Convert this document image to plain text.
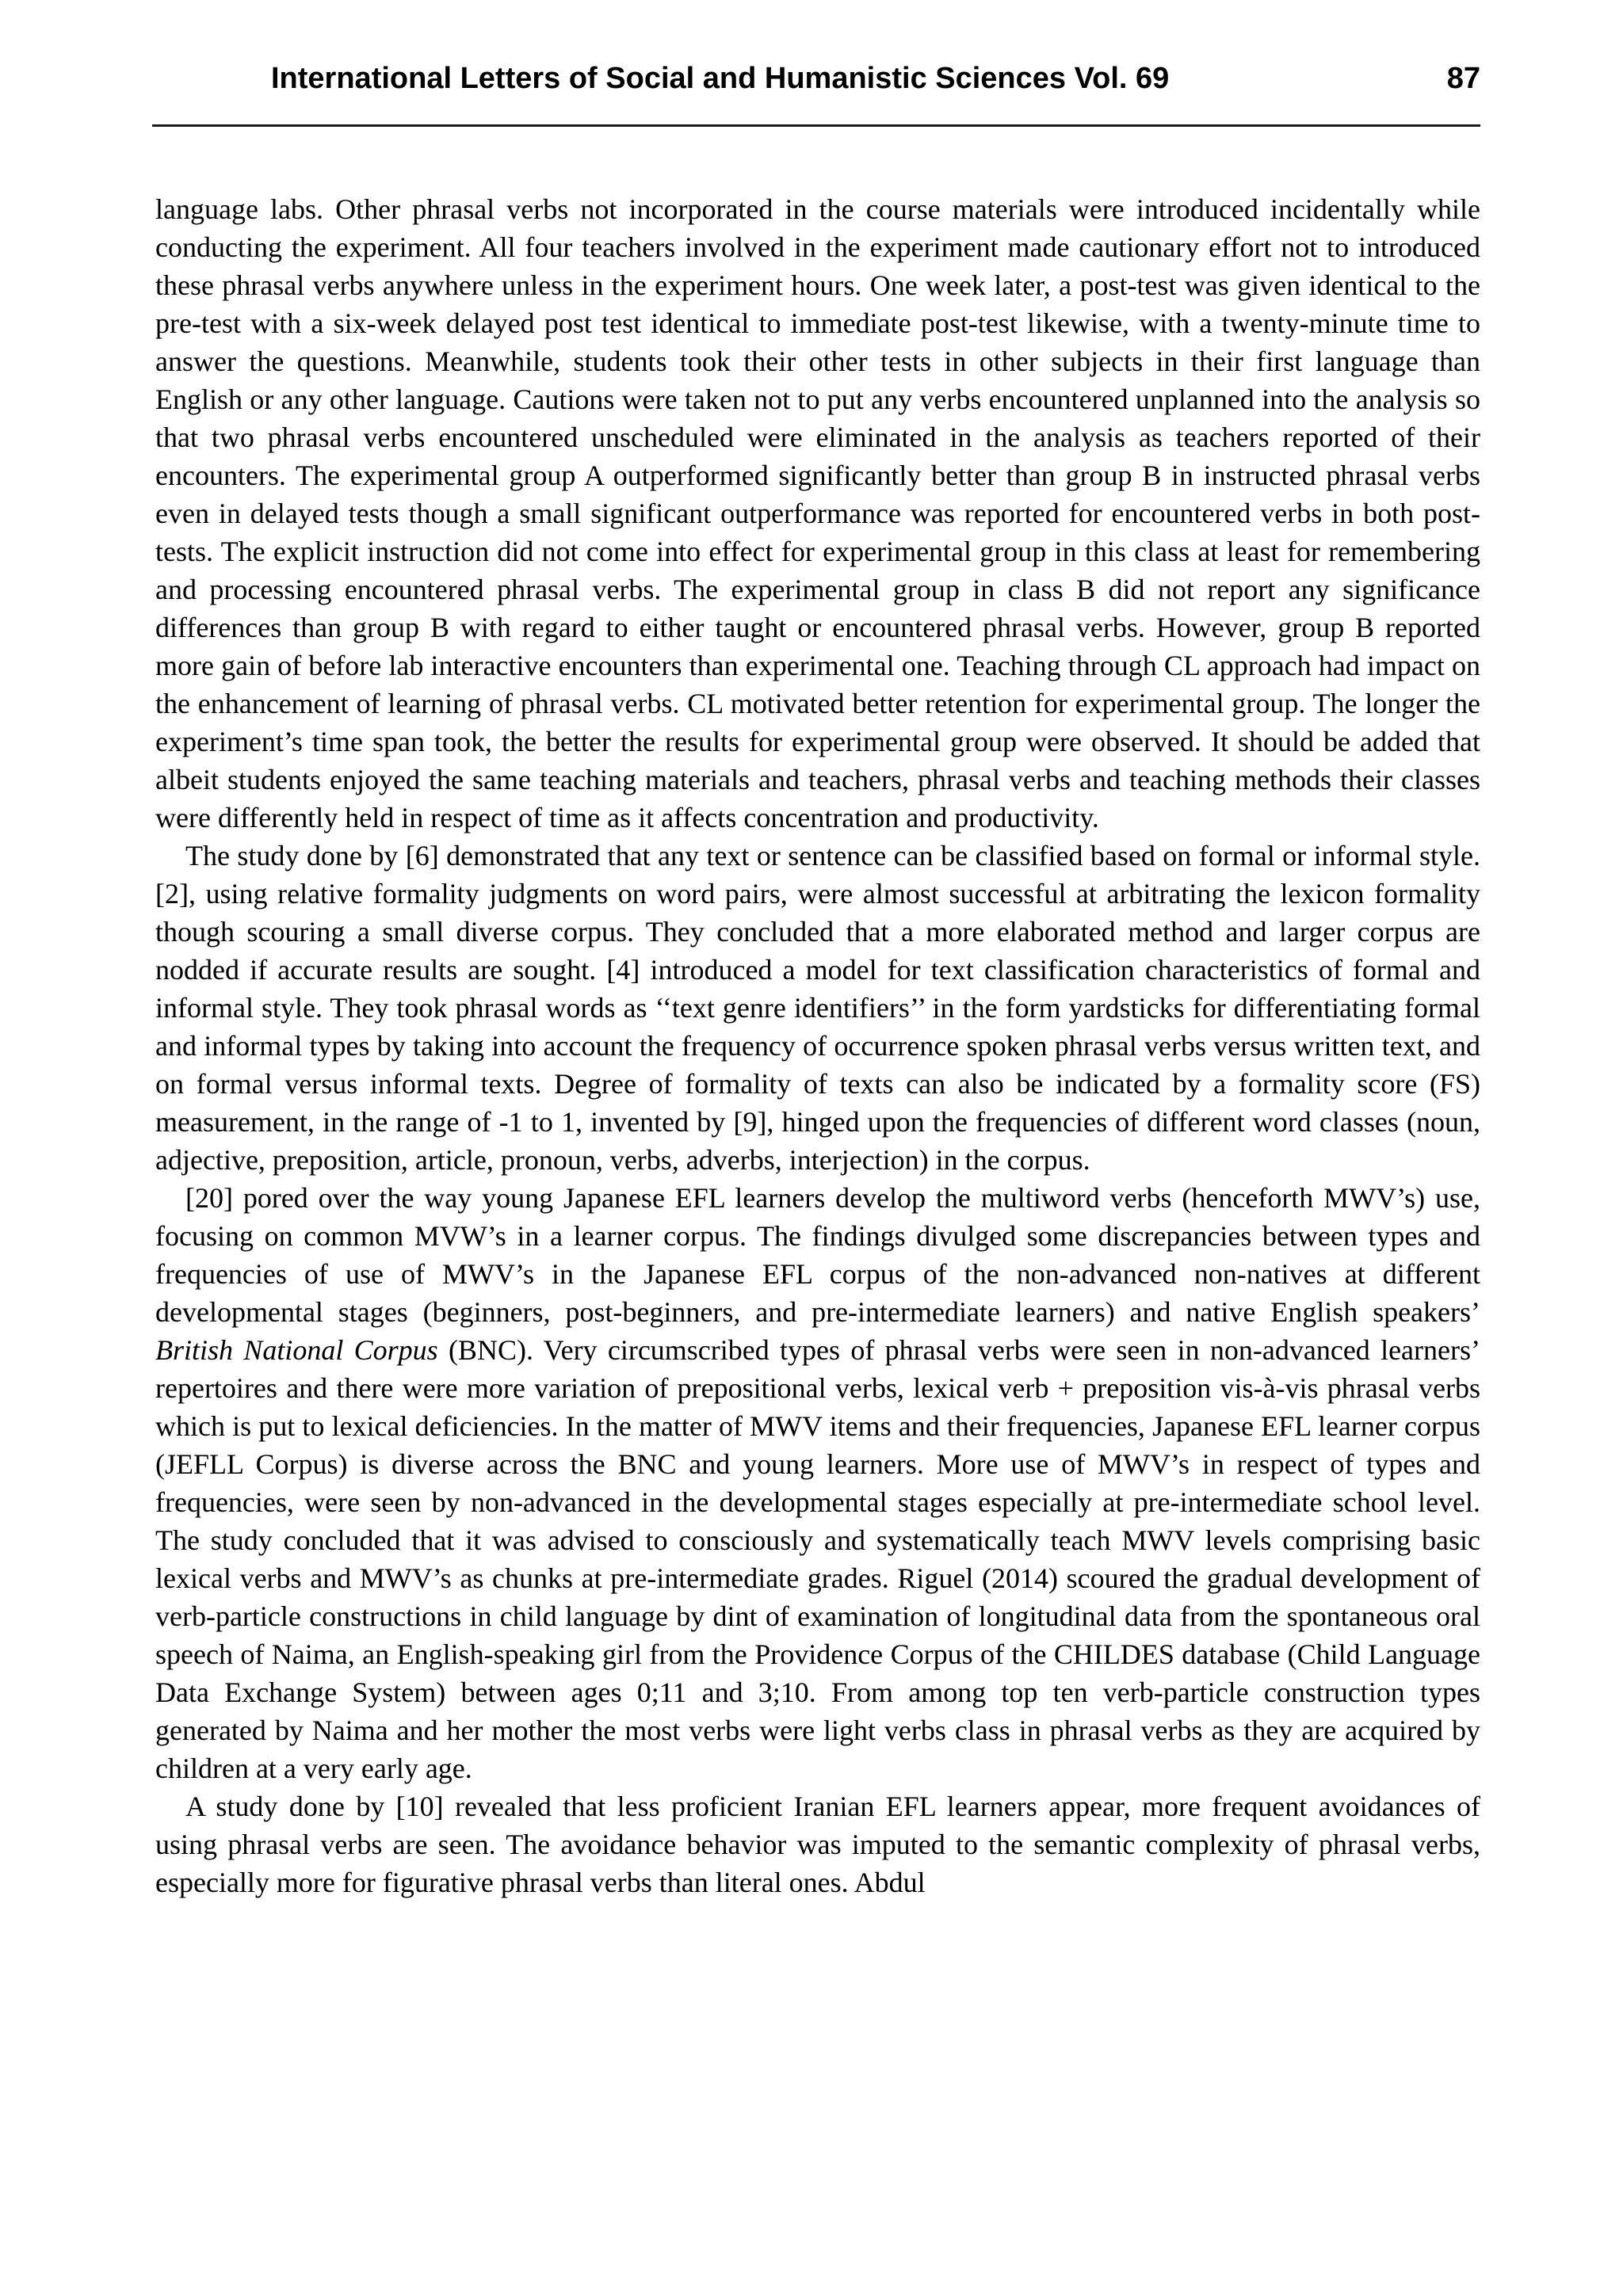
International Letters of Social and Humanistic Sciences Vol. 69	87

language labs. Other phrasal verbs not incorporated in the course materials were introduced incidentally while conducting the experiment. All four teachers involved in the experiment made cautionary effort not to introduced these phrasal verbs anywhere unless in the experiment hours. One week later, a post-test was given identical to the pre-test with a six-week delayed post test identical to immediate post-test likewise, with a twenty-minute time to answer the questions. Meanwhile, students took their other tests in other subjects in their first language than English or any other language. Cautions were taken not to put any verbs encountered unplanned into the analysis so that two phrasal verbs encountered unscheduled were eliminated in the analysis as teachers reported of their encounters. The experimental group A outperformed significantly better than group B in instructed phrasal verbs even in delayed tests though a small significant outperformance was reported for encountered verbs in both post-tests. The explicit instruction did not come into effect for experimental group in this class at least for remembering and processing encountered phrasal verbs. The experimental group in class B did not report any significance differences than group B with regard to either taught or encountered phrasal verbs. However, group B reported more gain of before lab interactive encounters than experimental one. Teaching through CL approach had impact on the enhancement of learning of phrasal verbs. CL motivated better retention for experimental group. The longer the experiment’s time span took, the better the results for experimental group were observed. It should be added that albeit students enjoyed the same teaching materials and teachers, phrasal verbs and teaching methods their classes were differently held in respect of time as it affects concentration and productivity.

The study done by [6] demonstrated that any text or sentence can be classified based on formal or informal style. [2], using relative formality judgments on word pairs, were almost successful at arbitrating the lexicon formality though scouring a small diverse corpus. They concluded that a more elaborated method and larger corpus are nodded if accurate results are sought. [4] introduced a model for text classification characteristics of formal and informal style. They took phrasal words as ‘‘text genre identifiers’’ in the form yardsticks for differentiating formal and informal types by taking into account the frequency of occurrence spoken phrasal verbs versus written text, and on formal versus informal texts. Degree of formality of texts can also be indicated by a formality score (FS) measurement, in the range of -1 to 1, invented by [9], hinged upon the frequencies of different word classes (noun, adjective, preposition, article, pronoun, verbs, adverbs, interjection) in the corpus.

[20] pored over the way young Japanese EFL learners develop the multiword verbs (henceforth MWV’s) use, focusing on common MVW’s in a learner corpus. The findings divulged some discrepancies between types and frequencies of use of MWV’s in the Japanese EFL corpus of the non-advanced non-natives at different developmental stages (beginners, post-beginners, and pre-intermediate learners) and native English speakers’ British National Corpus (BNC). Very circumscribed types of phrasal verbs were seen in non-advanced learners’ repertoires and there were more variation of prepositional verbs, lexical verb + preposition vis-à-vis phrasal verbs which is put to lexical deficiencies. In the matter of MWV items and their frequencies, Japanese EFL learner corpus (JEFLL Corpus) is diverse across the BNC and young learners. More use of MWV’s in respect of types and frequencies, were seen by non-advanced in the developmental stages especially at pre-intermediate school level. The study concluded that it was advised to consciously and systematically teach MWV levels comprising basic lexical verbs and MWV’s as chunks at pre-intermediate grades. Riguel (2014) scoured the gradual development of verb-particle constructions in child language by dint of examination of longitudinal data from the spontaneous oral speech of Naima, an English-speaking girl from the Providence Corpus of the CHILDES database (Child Language Data Exchange System) between ages 0;11 and 3;10. From among top ten verb-particle construction types generated by Naima and her mother the most verbs were light verbs class in phrasal verbs as they are acquired by children at a very early age.

A study done by [10] revealed that less proficient Iranian EFL learners appear, more frequent avoidances of using phrasal verbs are seen. The avoidance behavior was imputed to the semantic complexity of phrasal verbs, especially more for figurative phrasal verbs than literal ones. Abdul
